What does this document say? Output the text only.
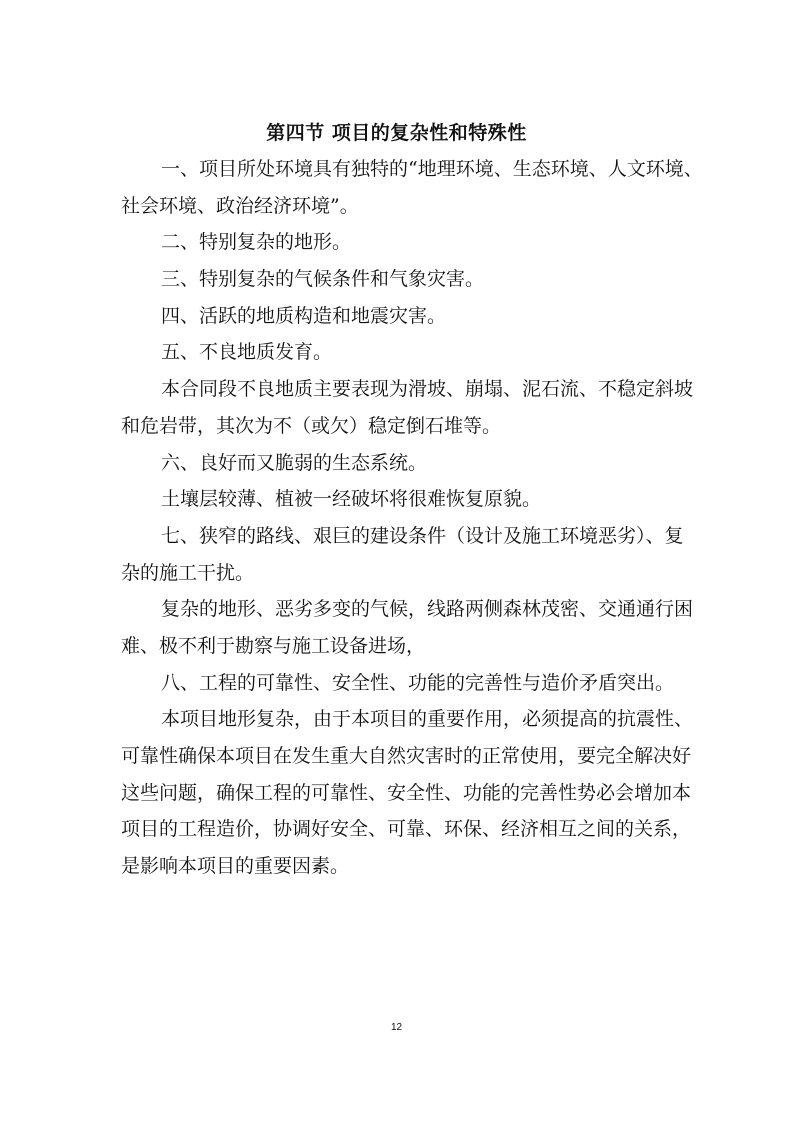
第四节 项目的复杂性和特殊性
一、项目所处环境具有独特的“地理环境、生态环境、人文环境、
社会环境、政治经济环境”。
二、特别复杂的地形。
三、特别复杂的气候条件和气象灾害。
四、活跃的地质构造和地震灾害。
五、不良地质发育。
本合同段不良地质主要表现为滑坡、崩塌、泥石流、不稳定斜坡
和危岩带，其次为不（或欠）稳定倒石堆等。
六、良好而又脆弱的生态系统。
土壤层较薄、植被一经破坏将很难恢复原貌。
七、狭窄的路线、艰巨的建设条件（设计及施工环境恶劣）、复
杂的施工干扰。
复杂的地形、恶劣多变的气候，线路两侧森林茂密、交通通行困
难、极不利于勘察与施工设备进场，
八、工程的可靠性、安全性、功能的完善性与造价矛盾突出。
本项目地形复杂，由于本项目的重要作用，必须提高的抗震性、
可靠性确保本项目在发生重大自然灾害时的正常使用，要完全解决好
这些问题，确保工程的可靠性、安全性、功能的完善性势必会增加本
项目的工程造价，协调好安全、可靠、环保、经济相互之间的关系，
是影响本项目的重要因素。
12
